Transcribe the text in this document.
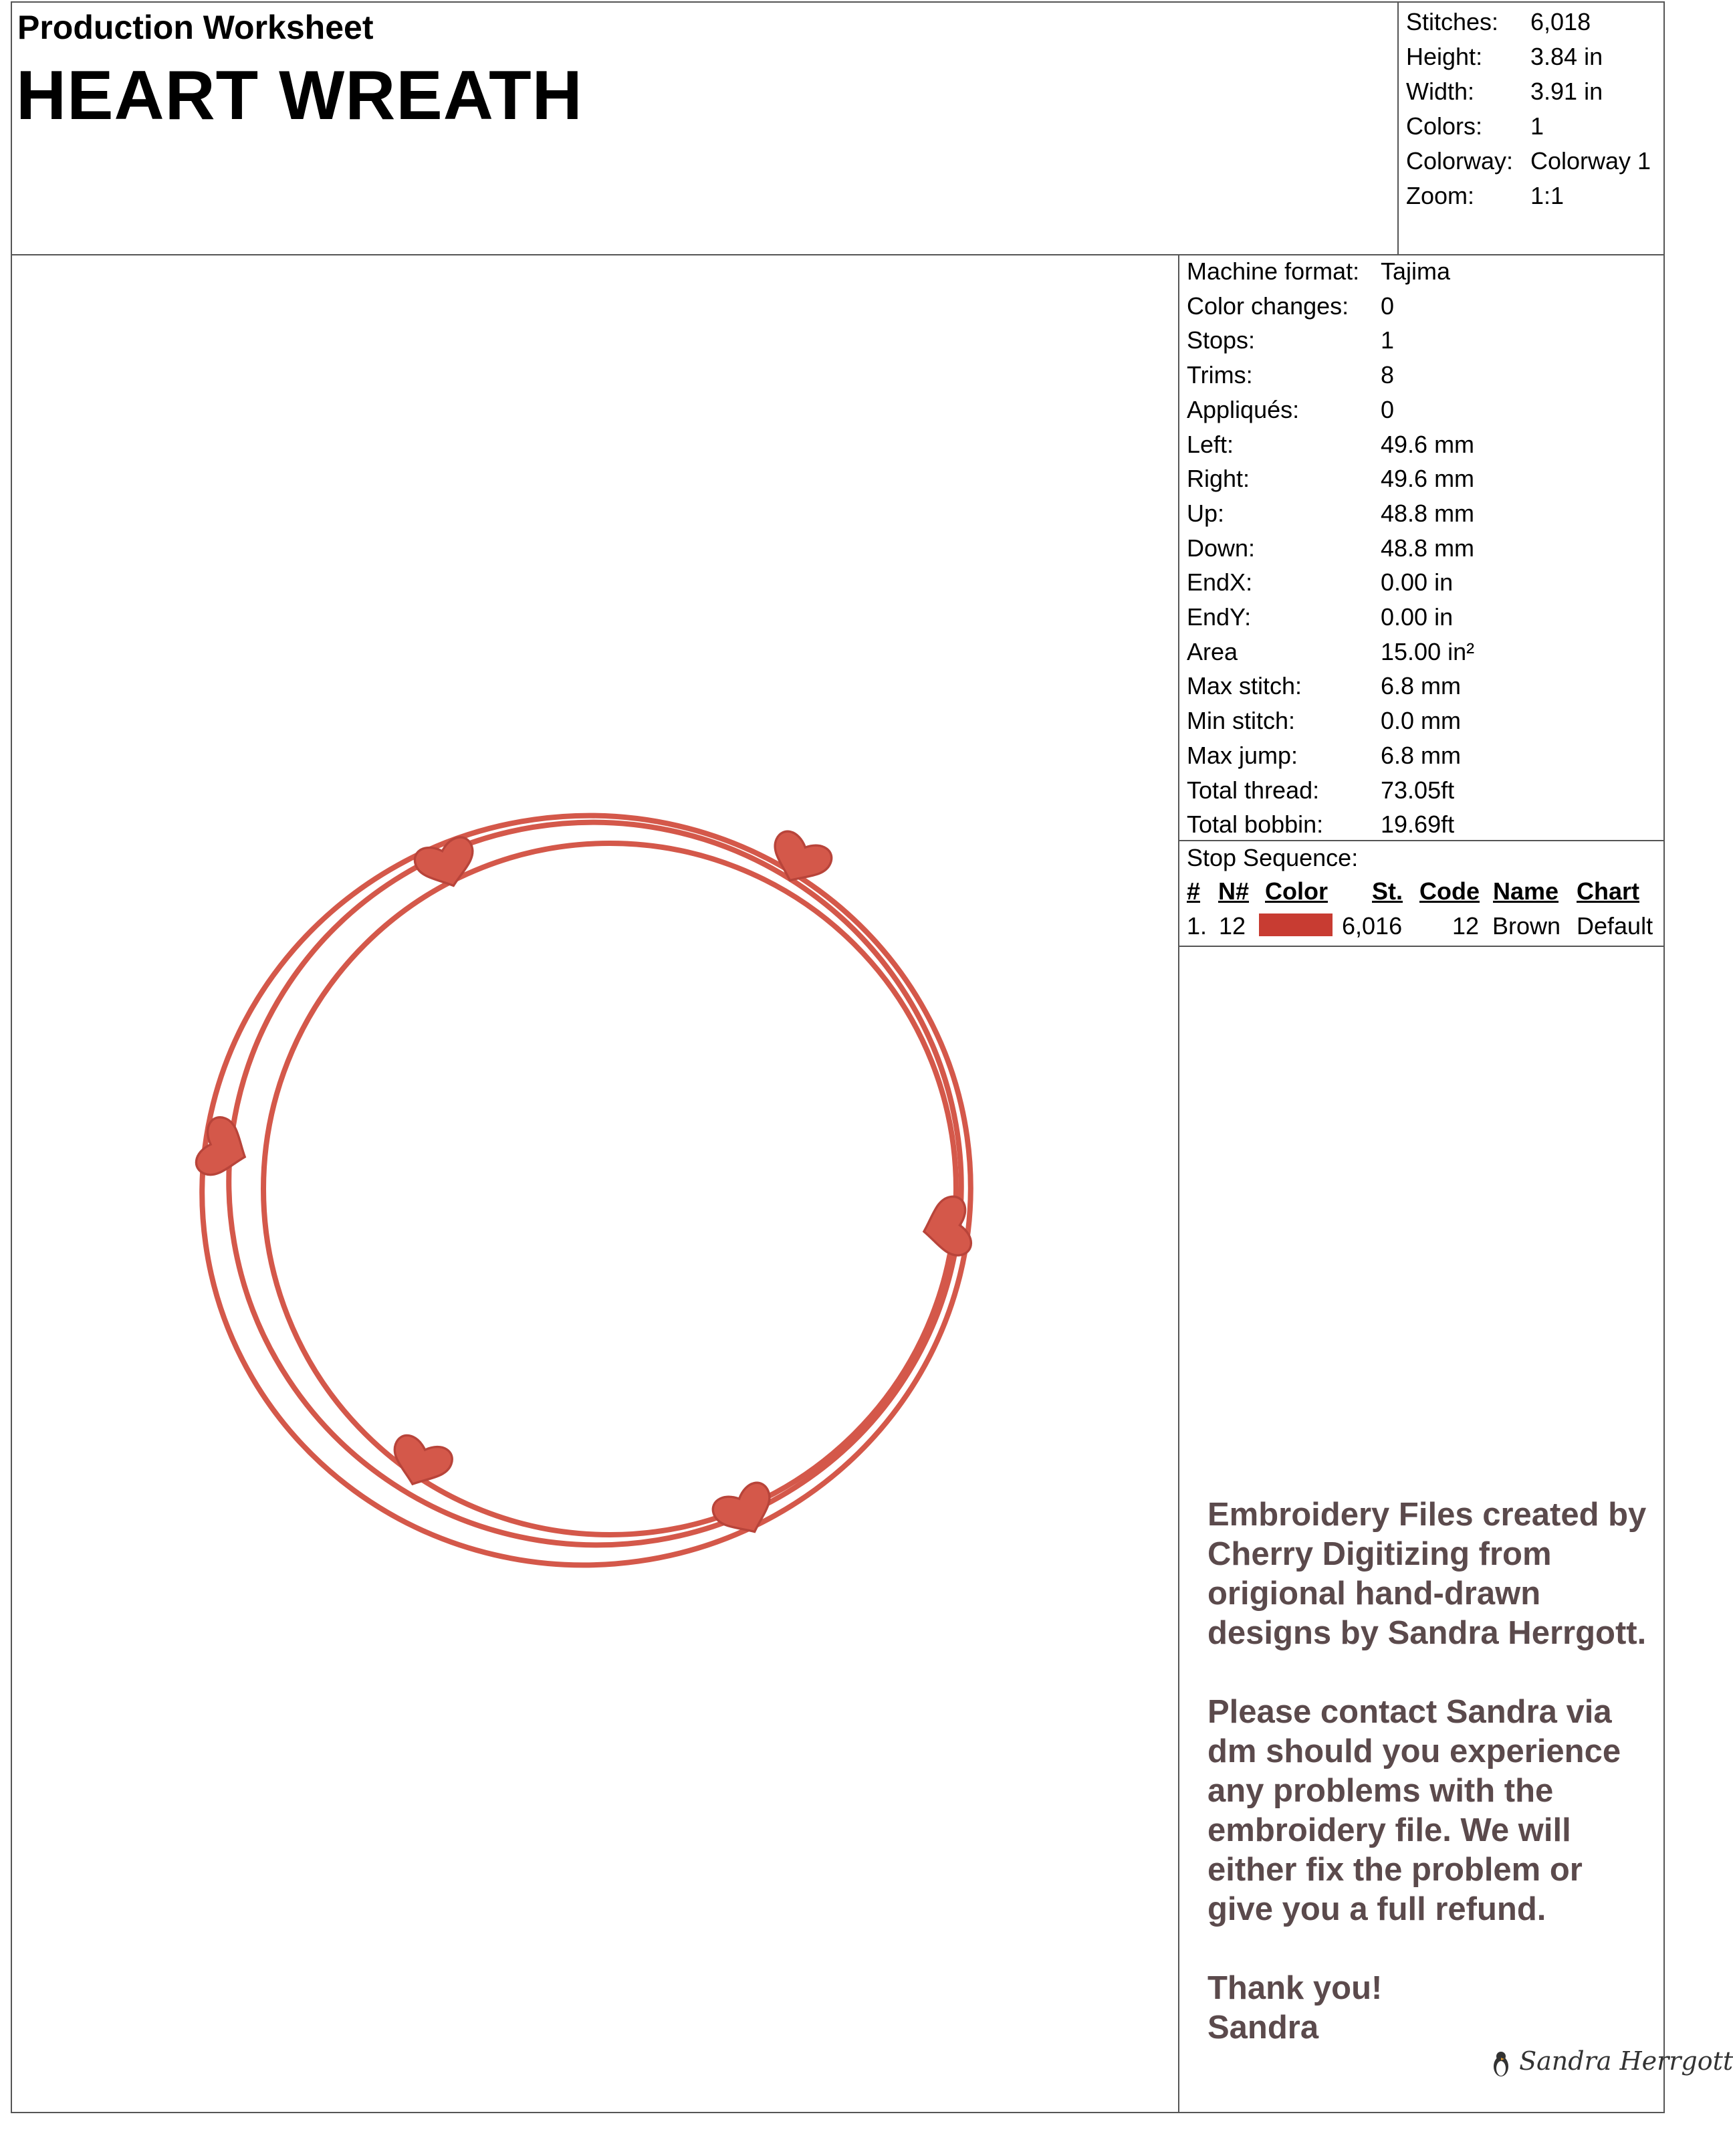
Production Worksheet
HEART WREATH
Stitches: 6,018
Height: 3.84 in
Width: 3.91 in
Colors: 1
Colorway: Colorway 1
Zoom: 1:1
Machine format: Tajima
Color changes: 0
Stops:	1
Trims:	8
Appliqués:	0
Left:	49.6 mm
Right:	49.6 mm
Up:	48.8 mm
Down:	48.8 mm
EndX:	0.00 in
EndY:	0.00 in
Area	15.00 in²
Max stitch:	6.8 mm
Min stitch:	0.0 mm
Max jump:	6.8 mm
Total thread:	73.05ft
Total bobbin: 19.69ft
Stop Sequence:
# N# Color St. Code Name Chart
1. 12	6,016 12 Brown Default

Embroidery Files created by Cherry Digitizing from origional hand-drawn designs by Sandra Herrgott.

Please contact Sandra via dm should you experience any problems with the embroidery file. We will either fix the problem or give you a full refund.

Thank you!
Sandra
Sandra Herrgott
